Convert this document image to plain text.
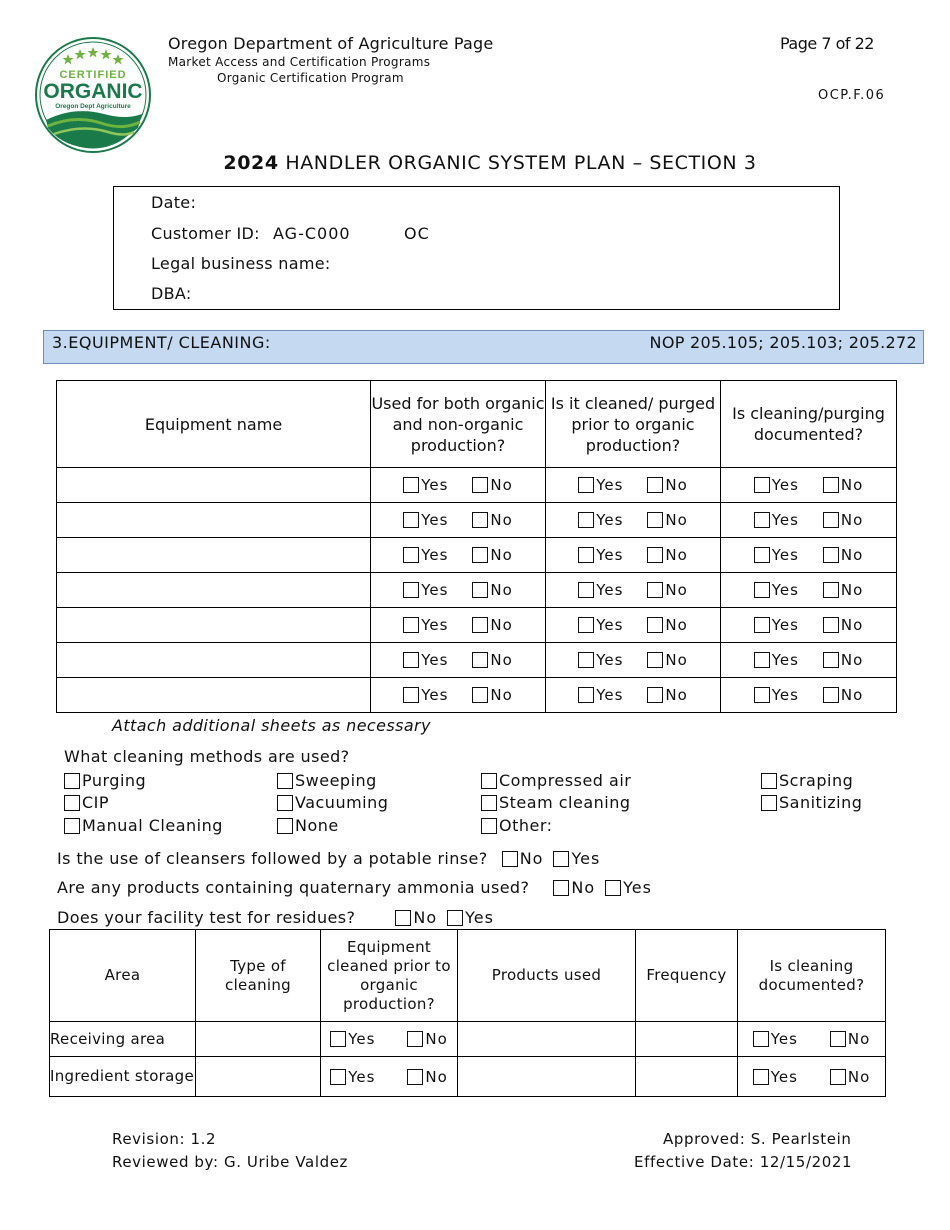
CERTIFIED
ORGANIC
Oregon Dept Agriculture
Oregon Department of Agriculture Page
Market Access and Certification Programs
Organic Certification Program
Page 7 of 22
OCP.F.06
2024 HANDLER ORGANIC SYSTEM PLAN – SECTION 3
Date:
Customer ID: AG-C000	OC
Legal business name:
DBA:
3.EQUIPMENT/ CLEANING:	NOP 205.105; 205.103; 205.272
Equipment name	Used for both organic and non-organic production?	Is it cleaned/ purged prior to organic production?	Is cleaning/purging documented?

	Yes No	Yes No	Yes No

	Yes No	Yes No	Yes No

	Yes No	Yes No	Yes No

	Yes No	Yes No	Yes No

	Yes No	Yes No	Yes No

	Yes No	Yes No	Yes No

	Yes No	Yes No	Yes No
Attach additional sheets as necessary
What cleaning methods are used?
Purging	Sweeping	Compressed air	Scraping
CIP	Vacuuming	Steam cleaning	Sanitizing
Manual Cleaning	None	Other:
Is the use of cleansers followed by a potable rinse? No Yes
Are any products containing quaternary ammonia used?	No Yes
Does your facility test for residues?	No Yes
Area	Type of cleaning	Equipment cleaned prior to organic production?	Products used	Frequency	Is cleaning documented?
Receiving area		Yes No			Yes No

Ingredient storage		Yes No			Yes No
Revision: 1.2
Reviewed by: G. Uribe Valdez
Approved: S. Pearlstein
Effective Date: 12/15/2021
